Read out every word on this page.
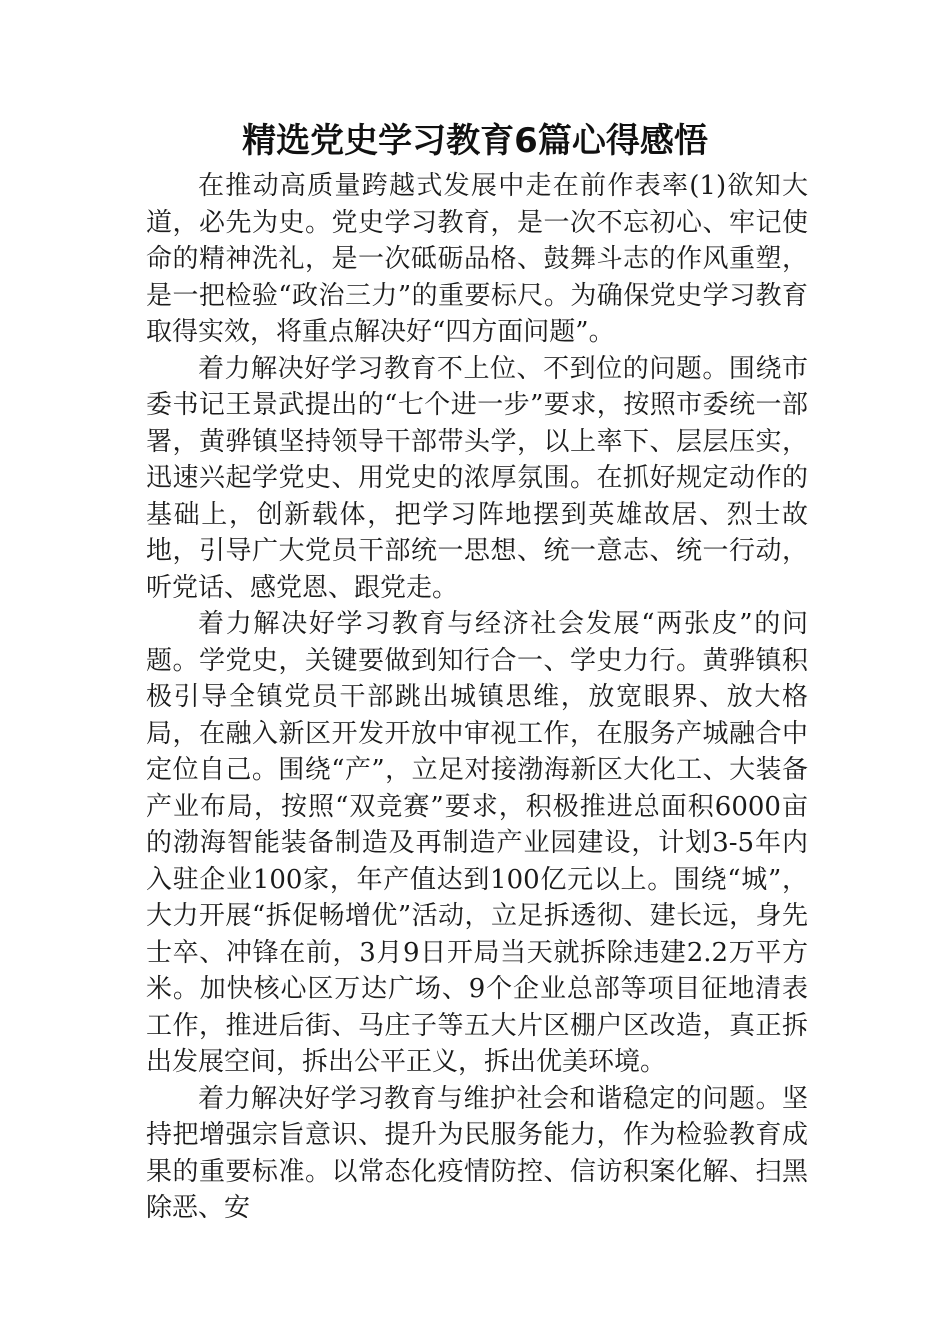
精选党史学习教育6篇心得感悟

在推动高质量跨越式发展中走在前作表率(1)欲知大道，必先为史。党史学习教育，是一次不忘初心、牢记使命的精神洗礼，是一次砥砺品格、鼓舞斗志的作风重塑，是一把检验“政治三力”的重要标尺。为确保党史学习教育取得实效，将重点解决好“四方面问题”。

着力解决好学习教育不上位、不到位的问题。围绕市委书记王景武提出的“七个进一步”要求，按照市委统一部署，黄骅镇坚持领导干部带头学，以上率下、层层压实，迅速兴起学党史、用党史的浓厚氛围。在抓好规定动作的基础上，创新载体，把学习阵地摆到英雄故居、烈士故地，引导广大党员干部统一思想、统一意志、统一行动，听党话、感党恩、跟党走。

着力解决好学习教育与经济社会发展“两张皮”的问题。学党史，关键要做到知行合一、学史力行。黄骅镇积极引导全镇党员干部跳出城镇思维，放宽眼界、放大格局，在融入新区开发开放中审视工作，在服务产城融合中定位自己。围绕“产”，立足对接渤海新区大化工、大装备产业布局，按照“双竞赛”要求，积极推进总面积6000亩的渤海智能装备制造及再制造产业园建设，计划3-5年内入驻企业100家，年产值达到100亿元以上。围绕“城”，大力开展“拆促畅增优”活动，立足拆透彻、建长远，身先士卒、冲锋在前，3月9日开局当天就拆除违建2.2万平方米。加快核心区万达广场、9个企业总部等项目征地清表工作，推进后街、马庄子等五大片区棚户区改造，真正拆出发展空间，拆出公平正义，拆出优美环境。

着力解决好学习教育与维护社会和谐稳定的问题。坚持把增强宗旨意识、提升为民服务能力，作为检验教育成果的重要标准。以常态化疫情防控、信访积案化解、扫黑除恶、安
